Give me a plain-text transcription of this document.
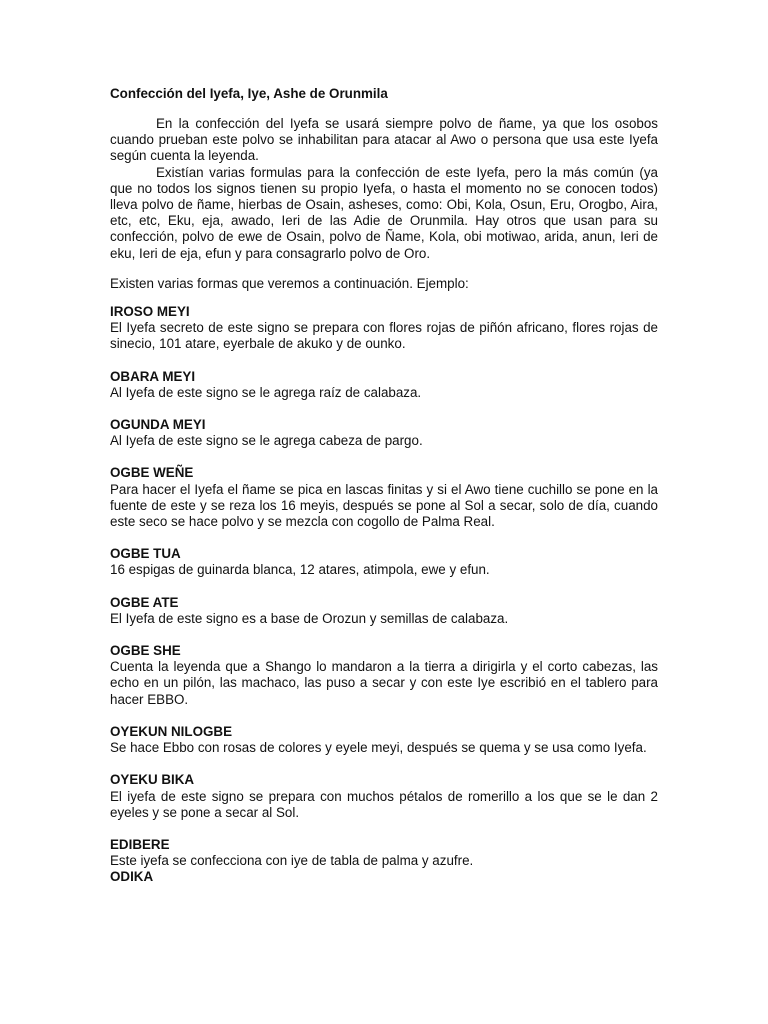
Confección del Iyefa, Iye, Ashe de Orunmila

En la confección del Iyefa se usará siempre polvo de ñame, ya que los osobos cuando prueban este polvo se inhabilitan para atacar al Awo o persona que usa este Iyefa según cuenta la leyenda.

Existían varias formulas para la confección de este Iyefa, pero la más común (ya que no todos los signos tienen su propio Iyefa, o hasta el momento no se conocen todos) lleva polvo de ñame, hierbas de Osain, asheses, como: Obi, Kola, Osun, Eru, Orogbo, Aira, etc, etc, Eku, eja, awado, Ieri de las Adie de Orunmila. Hay otros que usan para su confección, polvo de ewe de Osain, polvo de Ñame, Kola, obi motiwao, arida, anun, Ieri de eku, Ieri de eja, efun y para consagrarlo polvo de Oro.

Existen varias formas que veremos a continuación. Ejemplo:

IROSO MEYI

El Iyefa secreto de este signo se prepara con flores rojas de piñón africano, flores rojas de sinecio, 101 atare, eyerbale de akuko y de ounko.

OBARA MEYI

Al Iyefa de este signo se le agrega raíz de calabaza.

OGUNDA MEYI

Al Iyefa de este signo se le agrega cabeza de pargo.

OGBE WEÑE

Para hacer el Iyefa el ñame se pica en lascas finitas y si el Awo tiene cuchillo se pone en la fuente de este y se reza los 16 meyis, después se pone al Sol a secar, solo de día, cuando este seco se hace polvo y se mezcla con cogollo de Palma Real.

OGBE TUA

16 espigas de guinarda blanca, 12 atares, atimpola, ewe y efun.

OGBE ATE

El Iyefa de este signo es a base de Orozun y semillas de calabaza.

OGBE SHE

Cuenta la leyenda que a Shango lo mandaron a la tierra a dirigirla y el corto cabezas, las echo en un pilón, las machaco, las puso a secar y con este Iye escribió en el tablero para hacer EBBO.

OYEKUN NILOGBE

Se hace Ebbo con rosas de colores y eyele meyi, después se quema y se usa como Iyefa.

OYEKU BIKA

El iyefa de este signo se prepara con muchos pétalos de romerillo a los que se le dan 2 eyeles y se pone a secar al Sol.

EDIBERE

Este iyefa se confecciona con iye de tabla de palma y azufre.

ODIKA
